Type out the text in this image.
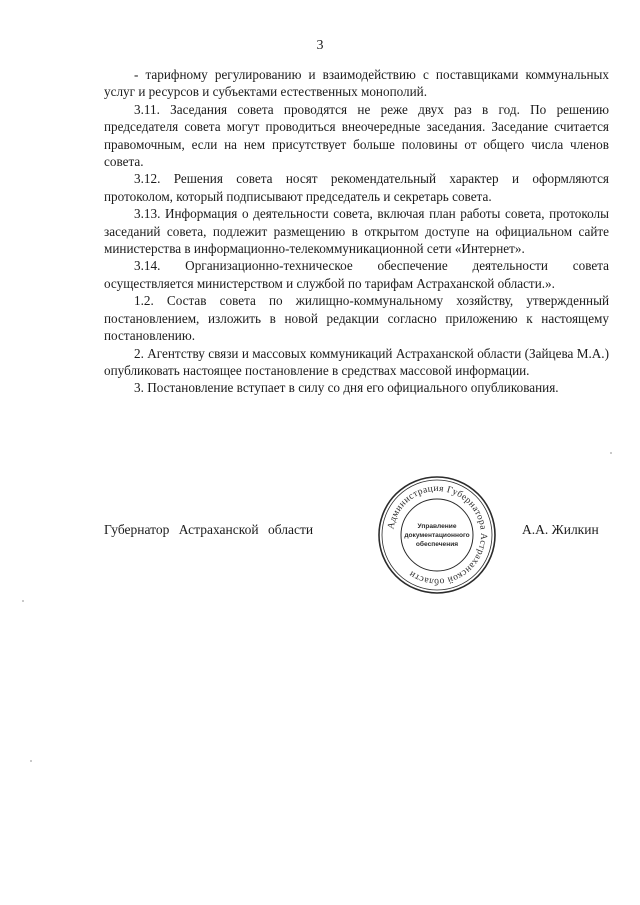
3

- тарифному регулированию и взаимодействию с поставщиками коммунальных услуг и ресурсов и субъектами естественных монополий.

3.11. Заседания совета проводятся не реже двух раз в год. По решению председателя совета могут проводиться внеочередные заседания. Заседание считается правомочным, если на нем присутствует больше половины от общего числа членов совета.

3.12. Решения совета носят рекомендательный характер и оформляются протоколом, который подписывают председатель и секретарь совета.

3.13. Информация о деятельности совета, включая план работы совета, протоколы заседаний совета, подлежит размещению в открытом доступе на официальном сайте министерства в информационно-телекоммуникационной сети «Интернет».

3.14. Организационно-техническое обеспечение деятельности совета осуществляется министерством и службой по тарифам Астраханской области.».

1.2. Состав совета по жилищно-коммунальному хозяйству, утвержденный постановлением, изложить в новой редакции согласно приложению к настоящему постановлению.

2. Агентству связи и массовых коммуникаций Астраханской области (Зайцева М.А.) опубликовать настоящее постановление в средствах массовой информации.

3. Постановление вступает в силу со дня его официального опубликования.

Губернатор Астраханской области	А.А. Жилкин
Администрация Губернатора Астраханской области
Управление
документационного
обеспечения
